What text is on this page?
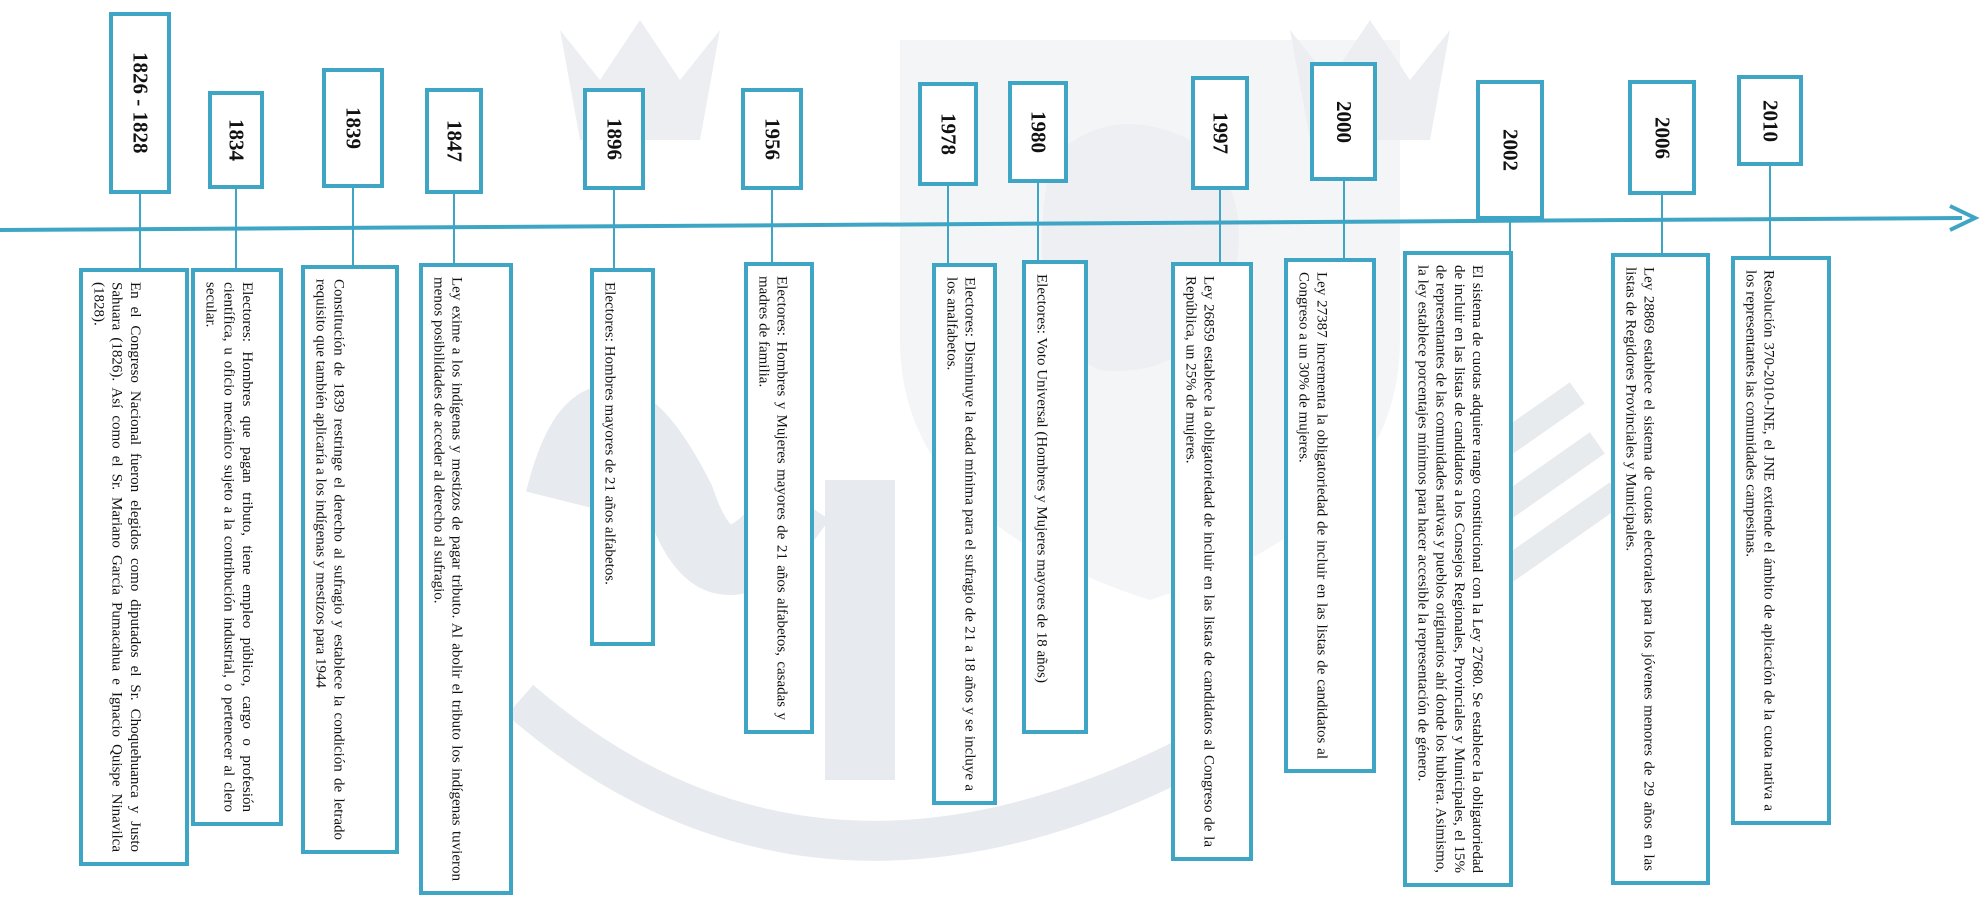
1826 - 1828
En el Congreso Nacional fueron elegidos como diputados el Sr. Choquehuanca y Justo Sahuara (1826). Así como el Sr. Mariano García Pumacahua e Ignacio Quispe Ninavilca (1828).
1834
Electores: Hombres que pagan tributo, tiene empleo público, cargo o profesión científica, u oficio mecánico sujeto a la contribución industrial, o pertenecer al clero secular.
1839
Constitución de 1839 restringe el derecho al sufragio y establece la condición de letrado requisito que también aplicaría a los indígenas y mestizos para 1944
1847
Ley exime a los indígenas y mestizos de pagar tributo. Al abolir el tributo los indígenas tuvieron menos posibilidades de acceder al derecho al sufragio.
1896
Electores: Hombres mayores de 21 años alfabetos.
1956
Electores: Hombres y Mujeres mayores de 21 años alfabetos, casadas y madres de familia.
1978
Electores: Disminuye la edad mínima para el sufragio de 21 a 18 años y se incluye a los analfabetos.
1980
Electores: Voto Universal (Hombres y Mujeres mayores de 18 años)
1997
Ley 26859 establece la obligatoriedad de incluir en las listas de candidatos al Congreso de la República, un 25% de mujeres.
2000
Ley 27387 incrementa la obligatoriedad de incluir en las listas de candidatos al Congreso a un 30% de mujeres.
2002
El sistema de cuotas adquiere rango constitucional con la Ley 27680. Se establece la obligatoriedad de incluir en las listas de candidatos a los Consejos Regionales, Provinciales y Municipales, el 15% de representantes de las comunidades nativas y pueblos originarios ahí donde los hubiera. Asimismo, la ley establece porcentajes mínimos para hacer accesible la representación de género.
2006
Ley 28869 establece el sistema de cuotas electorales para los jóvenes menores de 29 años en las listas de Regidores Provinciales y Municipales.
2010
Resolución 370-2010-JNE, el JNE extiende el ámbito de aplicación de la cuota nativa a los representantes las comunidades campesinas.
